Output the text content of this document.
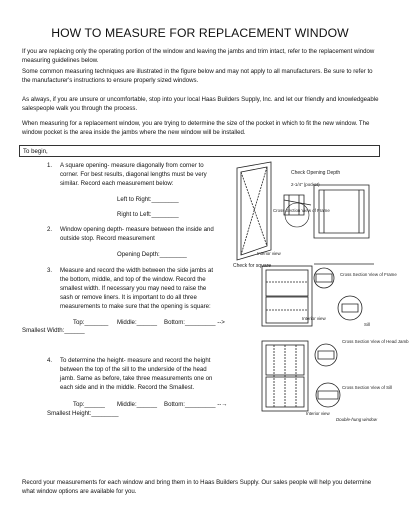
HOW TO MEASURE FOR REPLACEMENT WINDOW

If you are replacing only the operating portion of the window and leaving the jambs and trim intact, refer to the replacement window measuring guidelines below.

Some common measuring techniques are illustrated in the figure below and may not apply to all manufacturers. Be sure to refer to the manufacturer's instructions to ensure properly sized windows.

As always, if you are unsure or uncomfortable, stop into your local Haas Builders Supply, Inc. and let our friendly and knowledgeable salespeople walk you through the process.

When measuring for a replacement window, you are trying to determine the size of the pocket in which to fit the new window. The window pocket is the area inside the jambs where the new window will be installed.

To begin,
1. A square opening- measure diagonally from corner to corner. For best results, diagonal lengths must be very similar. Record each measurement below:
Left to Right:________
Right to Left:________
2. Window opening depth- measure between the inside and outside stop. Record measurement
Opening Depth:________
3. Measure and record the width between the side jambs at the bottom, middle, and top of the window. Record the smallest width. If necessary you may need to raise the sash or remove liners. It is important to do all three measurements to make sure that the opening is square:
Top:_______ Middle:______ Bottom:_________ -->
Smallest Width:______
4. To determine the height- measure and record the height between the top of the sill to the underside of the head jamb. Same as before, take three measurements one on each side and in the middle. Record the Smallest.
Top:______ Middle:______ Bottom:_________ --→
Smallest Height:________
Check Opening Depth
Cross Section View of Frame
2-1/4" (pocket)
Interior view
Check for square
Cross Section View of Frame
Interior view
Sill
Cross Section View of Head Jamb
Cross Section View of Sill
Interior view
Double-hung window

Record your measurements for each window and bring them in to Haas Builders Supply. Our sales people will help you determine what window options are available for you.
